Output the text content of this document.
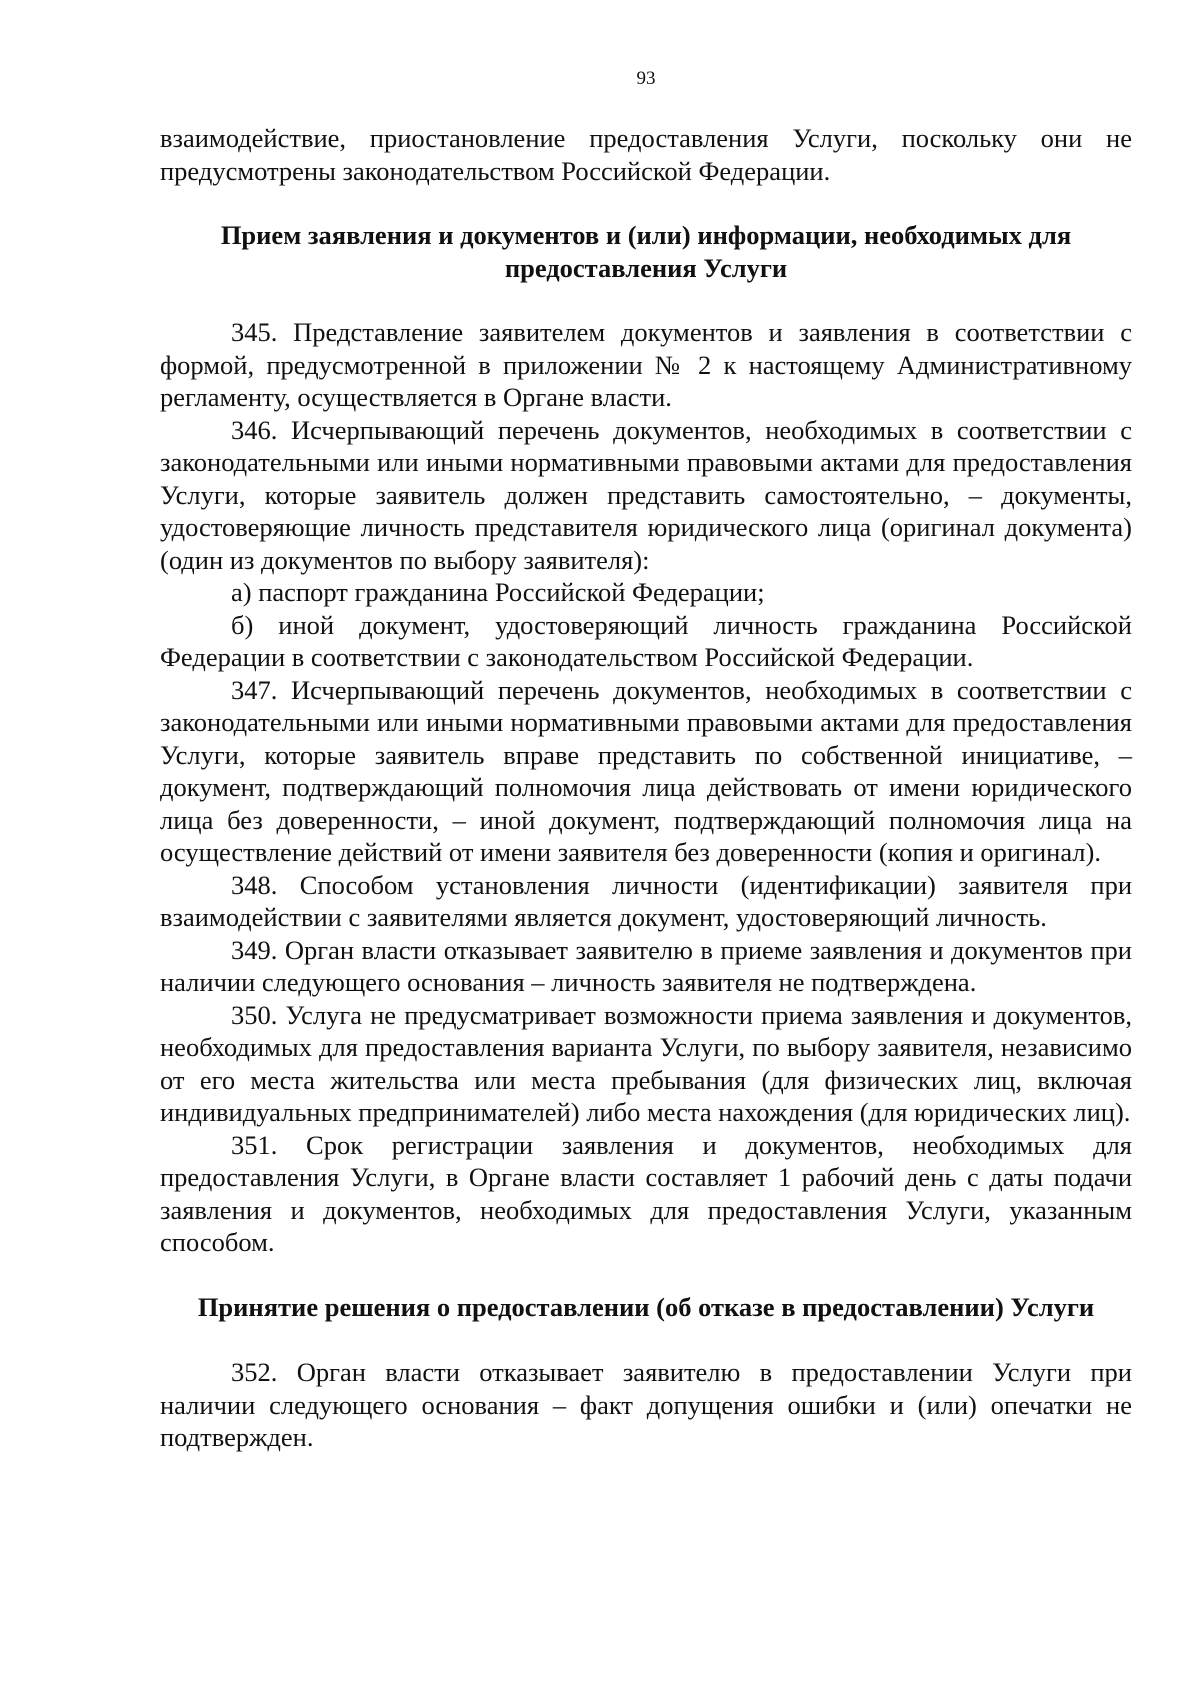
93

взаимодействие, приостановление предоставления Услуги, поскольку они не предусмотрены законодательством Российской Федерации.

Прием заявления и документов и (или) информации, необходимых для предоставления Услуги

345. Представление заявителем документов и заявления в соответствии с формой, предусмотренной в приложении № 2 к настоящему Административному регламенту, осуществляется в Органе власти.

346. Исчерпывающий перечень документов, необходимых в соответствии с законодательными или иными нормативными правовыми актами для предоставления Услуги, которые заявитель должен представить самостоятельно, – документы, удостоверяющие личность представителя юридического лица (оригинал документа) (один из документов по выбору заявителя):

а) паспорт гражданина Российской Федерации;

б) иной документ, удостоверяющий личность гражданина Российской Федерации в соответствии с законодательством Российской Федерации.

347. Исчерпывающий перечень документов, необходимых в соответствии с законодательными или иными нормативными правовыми актами для предоставления Услуги, которые заявитель вправе представить по собственной инициативе, – документ, подтверждающий полномочия лица действовать от имени юридического лица без доверенности, – иной документ, подтверждающий полномочия лица на осуществление действий от имени заявителя без доверенности (копия и оригинал).

348. Способом установления личности (идентификации) заявителя при взаимодействии с заявителями является документ, удостоверяющий личность.

349. Орган власти отказывает заявителю в приеме заявления и документов при наличии следующего основания – личность заявителя не подтверждена.

350. Услуга не предусматривает возможности приема заявления и документов, необходимых для предоставления варианта Услуги, по выбору заявителя, независимо от его места жительства или места пребывания (для физических лиц, включая индивидуальных предпринимателей) либо места нахождения (для юридических лиц).

351. Срок регистрации заявления и документов, необходимых для предоставления Услуги, в Органе власти составляет 1 рабочий день с даты подачи заявления и документов, необходимых для предоставления Услуги, указанным способом.

Принятие решения о предоставлении (об отказе в предоставлении) Услуги

352. Орган власти отказывает заявителю в предоставлении Услуги при наличии следующего основания – факт допущения ошибки и (или) опечатки не подтвержден.
